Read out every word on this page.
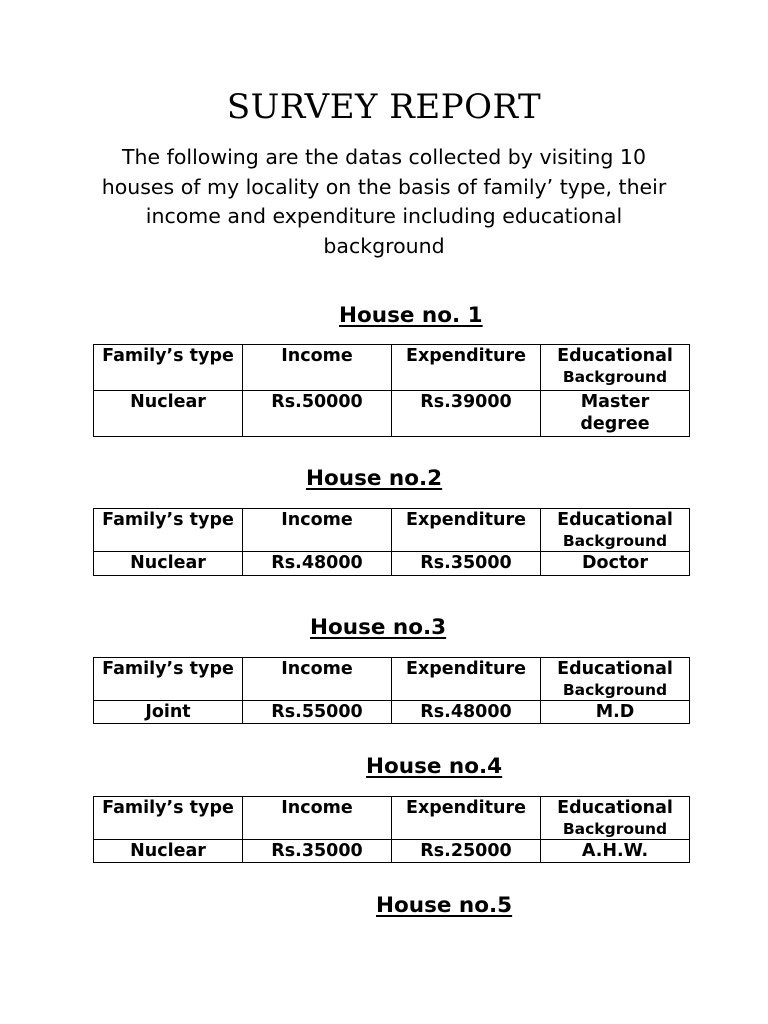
SURVEY REPORT
The following are the datas collected by visiting 10 houses of my locality on the basis of family’ type, their income and expenditure including educational background
House no. 1
Family’s type	Income	Expenditure	Educational
Background

Nuclear	Rs.50000	Rs.39000	Master degree
House no.2
Family’s type	Income	Expenditure	Educational
Background

Nuclear	Rs.48000	Rs.35000	Doctor
House no.3
Family’s type	Income	Expenditure	Educational
Background

Joint	Rs.55000	Rs.48000	M.D
House no.4
Family’s type	Income	Expenditure	Educational
Background

Nuclear	Rs.35000	Rs.25000	A.H.W.
House no.5
